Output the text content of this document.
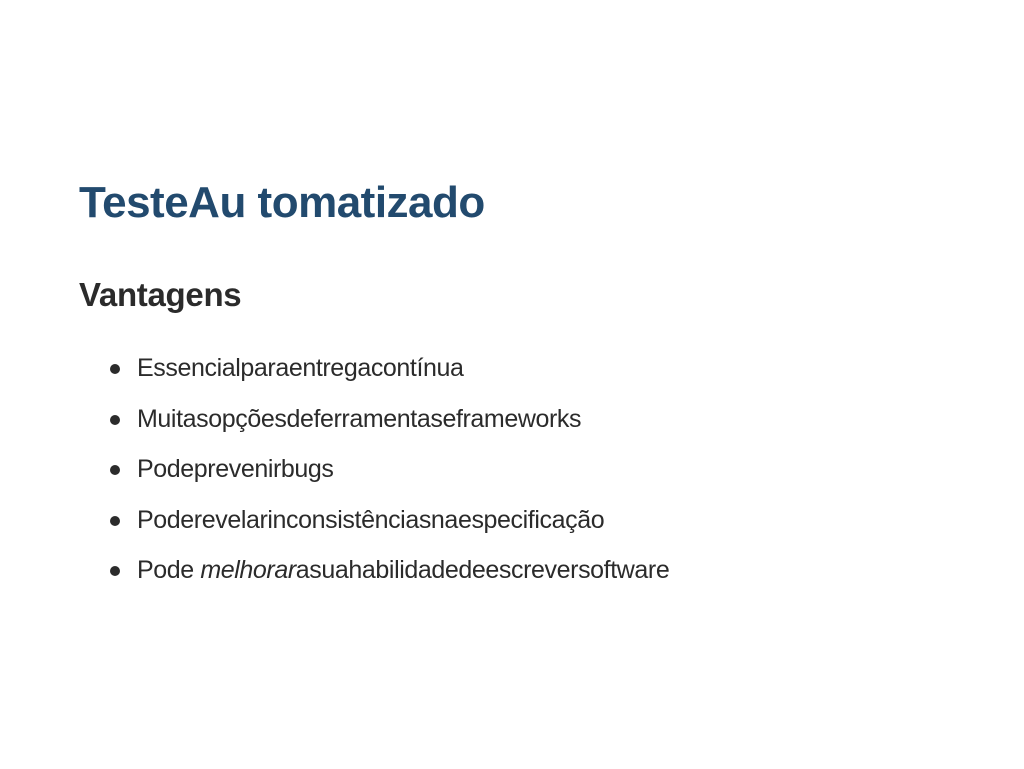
TesteAu tomatizado
Vantagens
Essencialparaentregacontínua
Muitasopçõesdeferramentaseframeworks
Podeprevenirbugs
Poderevelarinconsistênciasnaespecificação
Pode melhorarasuahabilidadedeescreversoftware
